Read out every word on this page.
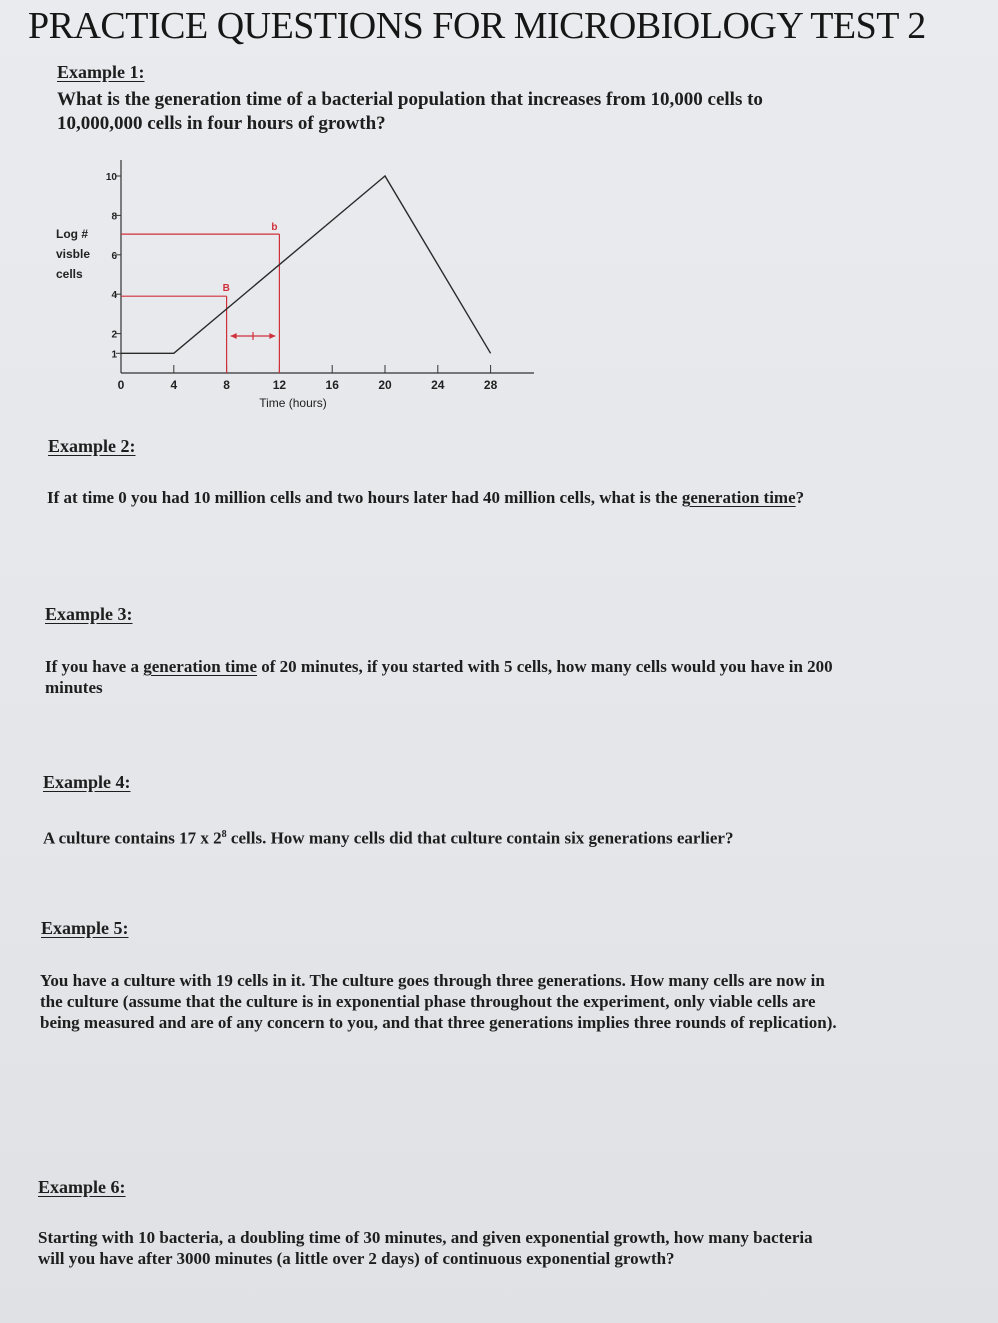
PRACTICE QUESTIONS FOR MICROBIOLOGY TEST 2
Example 1:
What is the generation time of a bacterial population that increases from 10,000 cells to 10,000,000 cells in four hours of growth?
Log #
visble
cells
10
8
6
4
2
1
0	4	8	12	16	20	24	28
B
b
Time (hours)
Example 2:
If at time 0 you had 10 million cells and two hours later had 40 million cells, what is the generation time?
Example 3:
If you have a generation time of 20 minutes, if you started with 5 cells, how many cells would you have in 200 minutes
Example 4:
A culture contains 17 x $2^8$ cells. How many cells did that culture contain six generations earlier?
Example 5:
You have a culture with 19 cells in it. The culture goes through three generations. How many cells are now in the culture (assume that the culture is in exponential phase throughout the experiment, only viable cells are being measured and are of any concern to you, and that three generations implies three rounds of replication).
Example 6:
Starting with 10 bacteria, a doubling time of 30 minutes, and given exponential growth, how many bacteria will you have after 3000 minutes (a little over 2 days) of continuous exponential growth?
